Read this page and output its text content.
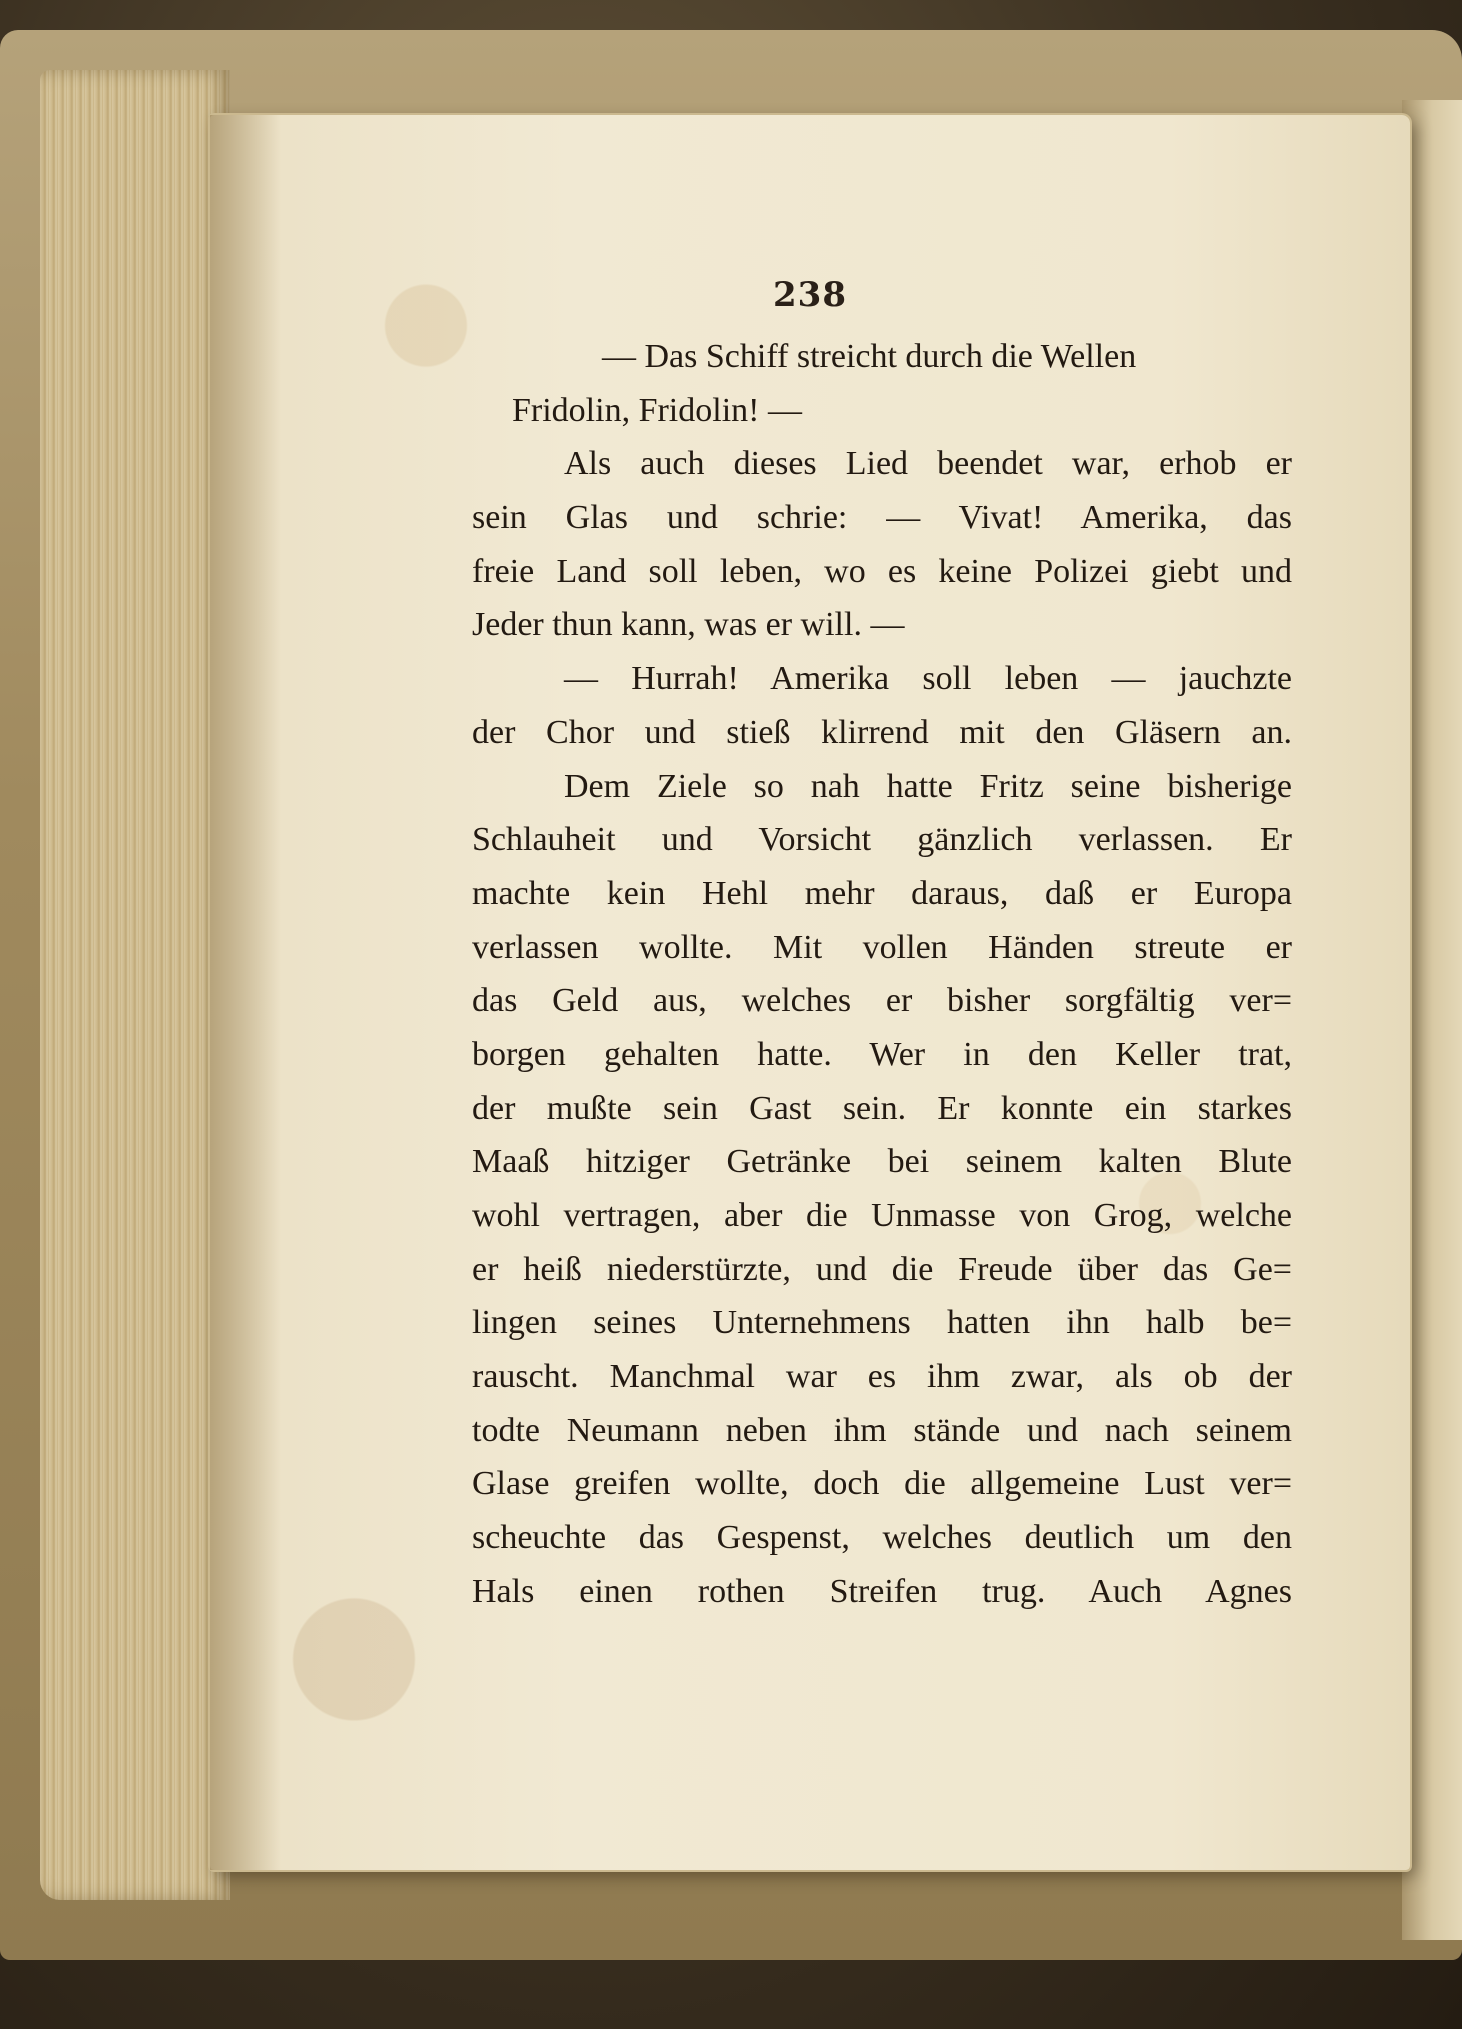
238
— Das Schiff streicht durch die Wellen
Fridolin, Fridolin! —
Als auch dieses Lied beendet war, erhob er
sein Glas und schrie: — Vivat! Amerika, das
freie Land soll leben, wo es keine Polizei giebt und
Jeder thun kann, was er will. —
— Hurrah! Amerika soll leben — jauchzte
der Chor und stieß klirrend mit den Gläsern an.
Dem Ziele so nah hatte Fritz seine bisherige
Schlauheit und Vorsicht gänzlich verlassen. Er
machte kein Hehl mehr daraus, daß er Europa
verlassen wollte. Mit vollen Händen streute er
das Geld aus, welches er bisher sorgfältig ver=
borgen gehalten hatte. Wer in den Keller trat,
der mußte sein Gast sein. Er konnte ein starkes
Maaß hitziger Getränke bei seinem kalten Blute
wohl vertragen, aber die Unmasse von Grog, welche
er heiß niederstürzte, und die Freude über das Ge=
lingen seines Unternehmens hatten ihn halb be=
rauscht. Manchmal war es ihm zwar, als ob der
todte Neumann neben ihm stände und nach seinem
Glase greifen wollte, doch die allgemeine Lust ver=
scheuchte das Gespenst, welches deutlich um den
Hals einen rothen Streifen trug. Auch Agnes
